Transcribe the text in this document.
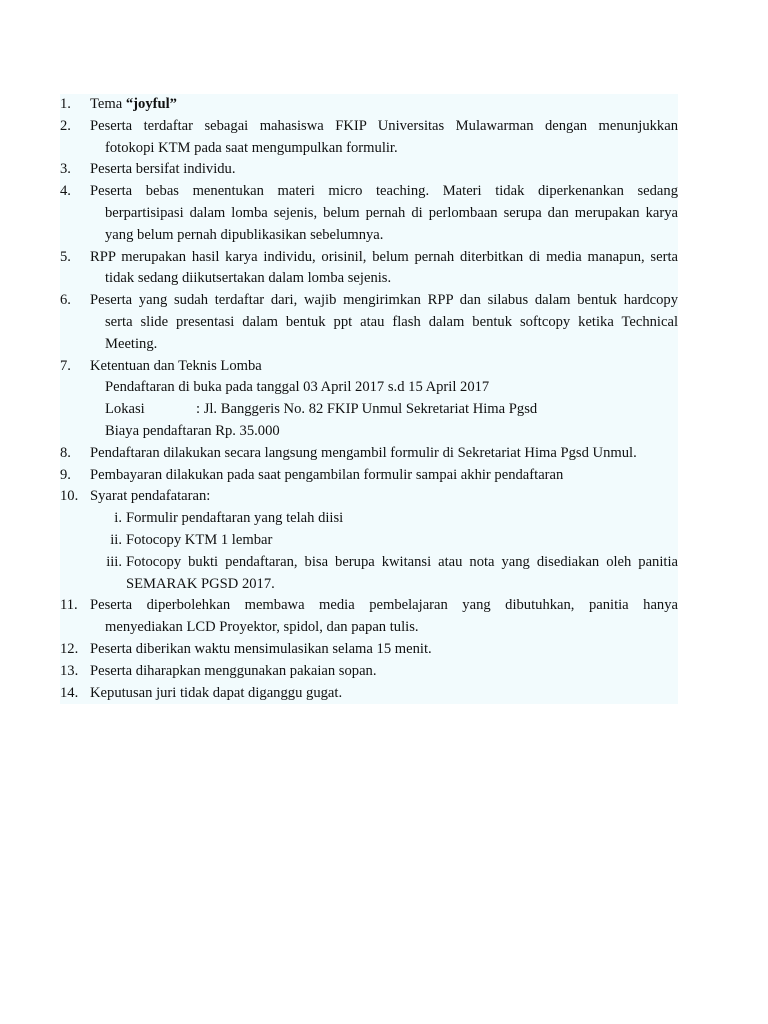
1.	Tema “joyful”
2.	Peserta terdaftar sebagai mahasiswa FKIP Universitas Mulawarman dengan menunjukkan
fotokopi KTM pada saat mengumpulkan formulir.
3.	Peserta bersifat individu.
4.	Peserta bebas menentukan materi micro teaching. Materi tidak diperkenankan sedang
berpartisipasi dalam lomba sejenis, belum pernah di perlombaan serupa dan merupakan karya
yang belum pernah dipublikasikan sebelumnya.
5.	RPP merupakan hasil karya individu, orisinil, belum pernah diterbitkan di media manapun, serta
tidak sedang diikutsertakan dalam lomba sejenis.
6.	Peserta yang sudah terdaftar dari, wajib mengirimkan RPP dan silabus dalam bentuk hardcopy
serta slide presentasi dalam bentuk ppt atau flash dalam bentuk softcopy ketika Technical
Meeting.
7.	Ketentuan dan Teknis Lomba
Pendaftaran di buka pada tanggal 03 April 2017 s.d 15 April 2017
Lokasi	: Jl. Banggeris No. 82 FKIP Unmul Sekretariat Hima Pgsd
Biaya pendaftaran Rp. 35.000
8.	Pendaftaran dilakukan secara langsung mengambil formulir di Sekretariat Hima Pgsd Unmul.
9.	Pembayaran dilakukan pada saat pengambilan formulir sampai akhir pendaftaran
10. Syarat pendafataran:
i. Formulir pendaftaran yang telah diisi
ii. Fotocopy KTM 1 lembar
iii. Fotocopy bukti pendaftaran, bisa berupa kwitansi atau nota yang disediakan oleh panitia
SEMARAK PGSD 2017.
11. Peserta diperbolehkan membawa media pembelajaran yang dibutuhkan, panitia hanya
menyediakan LCD Proyektor, spidol, dan papan tulis.
12. Peserta diberikan waktu mensimulasikan selama 15 menit.
13. Peserta diharapkan menggunakan pakaian sopan.
14. Keputusan juri tidak dapat diganggu gugat.
